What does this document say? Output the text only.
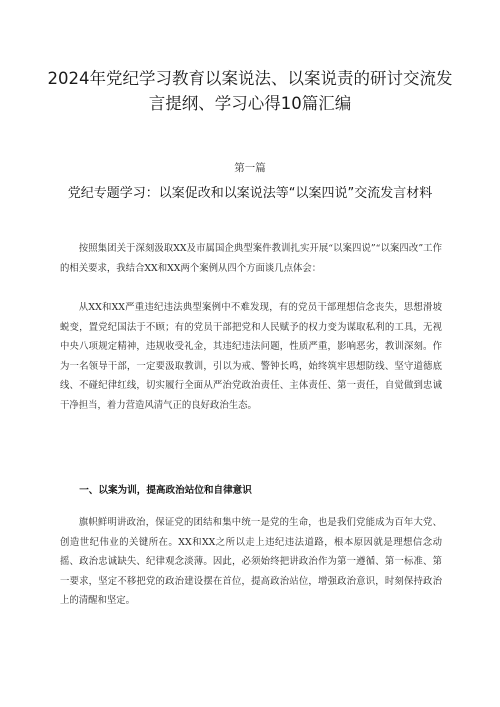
2024年党纪学习教育以案说法、以案说责的研讨交流发言提纲、学习心得10篇汇编
第一篇
党纪专题学习：以案促改和以案说法等“以案四说”交流发言材料

按照集团关于深刻汲取XX及市属国企典型案件教训扎实开展“以案四说”“以案四改”工作的相关要求，我结合XX和XX两个案例从四个方面谈几点体会：

从XX和XX严重违纪违法典型案例中不难发现，有的党员干部理想信念丧失，思想滑坡蜕变，置党纪国法于不顾；有的党员干部把党和人民赋予的权力变为谋取私利的工具，无视中央八项规定精神，违规收受礼金，其违纪违法问题，性质严重，影响恶劣，教训深刻。作为一名领导干部，一定要汲取教训，引以为戒、警钟长鸣，始终筑牢思想防线、坚守道德底线、不碰纪律红线，切实履行全面从严治党政治责任、主体责任、第一责任，自觉做到忠诚干净担当，着力营造风清气正的良好政治生态。

一、以案为训，提高政治站位和自律意识

旗帜鲜明讲政治，保证党的团结和集中统一是党的生命，也是我们党能成为百年大党、创造世纪伟业的关键所在。XX和XX之所以走上违纪违法道路，根本原因就是理想信念动摇、政治忠诚缺失、纪律观念淡薄。因此，必须始终把讲政治作为第一遵循、第一标准、第一要求，坚定不移把党的政治建设摆在首位，提高政治站位，增强政治意识，时刻保持政治上的清醒和坚定。
